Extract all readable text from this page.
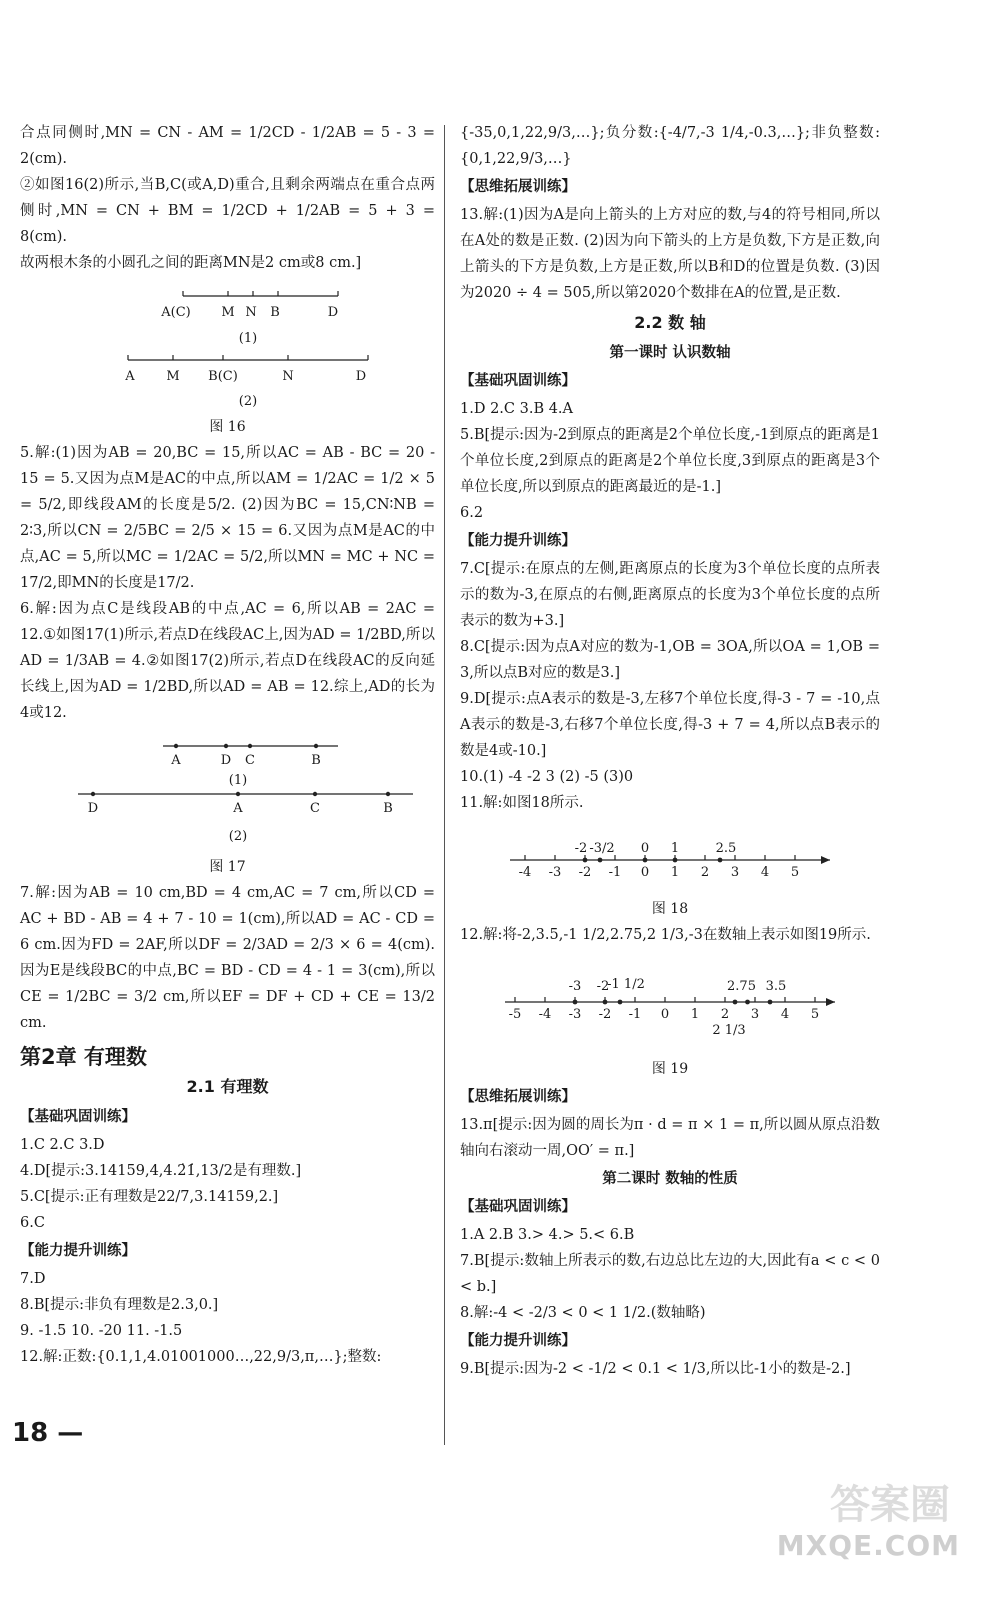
合点同侧时,MN = CN - AM = 1/2CD - 1/2AB = 5 - 3 = 2(cm).

②如图16(2)所示,当B,C(或A,D)重合,且剩余两端点在重合点两侧时,MN = CN + BM = 1/2CD + 1/2AB = 5 + 3 = 8(cm).

故两根木条的小圆孔之间的距离MN是2 cm或8 cm.]

A(C) M N B	D
(1)
A M B(C)	N	D
(2)

图 16

5.解:(1)因为AB = 20,BC = 15,所以AC = AB - BC = 20 - 15 = 5.又因为点M是AC的中点,所以AM = 1/2AC = 1/2 × 5 = 5/2,即线段AM的长度是5/2. (2)因为BC = 15,CN∶NB = 2∶3,所以CN = 2/5BC = 2/5 × 15 = 6.又因为点M是AC的中点,AC = 5,所以MC = 1/2AC = 5/2,所以MN = MC + NC = 17/2,即MN的长度是17/2.

6.解:因为点C是线段AB的中点,AC = 6,所以AB = 2AC = 12.①如图17(1)所示,若点D在线段AC上,因为AD = 1/2BD,所以AD = 1/3AB = 4.②如图17(2)所示,若点D在线段AC的反向延长线上,因为AD = 1/2BD,所以AD = AB = 12.综上,AD的长为4或12.

A	D C	B
(1)
D	A	C	B
(2)

图 17

7.解:因为AB = 10 cm,BD = 4 cm,AC = 7 cm,所以CD = AC + BD - AB = 4 + 7 - 10 = 1(cm),所以AD = AC - CD = 6 cm.因为FD = 2AF,所以DF = 2/3AD = 2/3 × 6 = 4(cm).因为E是线段BC的中点,BC = BD - CD = 4 - 1 = 3(cm),所以CE = 1/2BC = 3/2 cm,所以EF = DF + CD + CE = 13/2 cm.

第2章 有理数
2.1 有理数

【基础巩固训练】

1.C 2.C 3.D

4.D[提示:3.14159,4,4.2̇1̇,13/2是有理数.]

5.C[提示:正有理数是22/7,3.14159,2.]

6.C

【能力提升训练】

7.D

8.B[提示:非负有理数是2.3,0.]

9. -1.5 10. -20 11. -1.5

12.解:正数:{0.1,1,4.01001000…,22,9/3,π,…};整数:

{-35,0,1,22,9/3,…};负分数:{-4/7,-3 1/4,-0.3,…};非负整数:{0,1,22,9/3,…}

【思维拓展训练】

13.解:(1)因为A是向上箭头的上方对应的数,与4的符号相同,所以在A处的数是正数. (2)因为向下箭头的上方是负数,下方是正数,向上箭头的下方是负数,上方是正数,所以B和D的位置是负数. (3)因为2020 ÷ 4 = 505,所以第2020个数排在A的位置,是正数.

2.2 数 轴
第一课时 认识数轴

【基础巩固训练】

1.D 2.C 3.B 4.A

5.B[提示:因为-2到原点的距离是2个单位长度,-1到原点的距离是1个单位长度,2到原点的距离是2个单位长度,3到原点的距离是3个单位长度,所以到原点的距离最近的是-1.]

6.2

【能力提升训练】

7.C[提示:在原点的左侧,距离原点的长度为3个单位长度的点所表示的数为-3,在原点的右侧,距离原点的长度为3个单位长度的点所表示的数为+3.]

8.C[提示:因为点A对应的数为-1,OB = 3OA,所以OA = 1,OB = 3,所以点B对应的数是3.]

9.D[提示:点A表示的数是-3,左移7个单位长度,得-3 - 7 = -10,点A表示的数是-3,右移7个单位长度,得-3 + 7 = 4,所以点B表示的数是4或-10.]

10.(1) -4 -2 3 (2) -5 (3)0

11.解:如图18所示.

-4 -3 -2 -1 0 1 2 3 4 5
-2 -3/2 0 1	2.5

图 18

12.解:将-2,3.5,-1 1/2,2.75,2 1/3,-3在数轴上表示如图19所示.

-5 -4 -3 -2 -1 0 1 2 3 4 5
-3 -2
-1 1/2	2.75 3.5
2 1/3

图 19

【思维拓展训练】

13.π[提示:因为圆的周长为π · d = π × 1 = π,所以圆从原点沿数轴向右滚动一周,OO′ = π.]

第二课时 数轴的性质

【基础巩固训练】

1.A 2.B 3.> 4.> 5.< 6.B

7.B[提示:数轴上所表示的数,右边总比左边的大,因此有a < c < 0 < b.]

8.解:-4 < -2/3 < 0 < 1 1/2.(数轴略)

【能力提升训练】

9.B[提示:因为-2 < -1/2 < 0.1 < 1/3,所以比-1小的数是-2.]

18 —
答案圈
MXQE.COM
